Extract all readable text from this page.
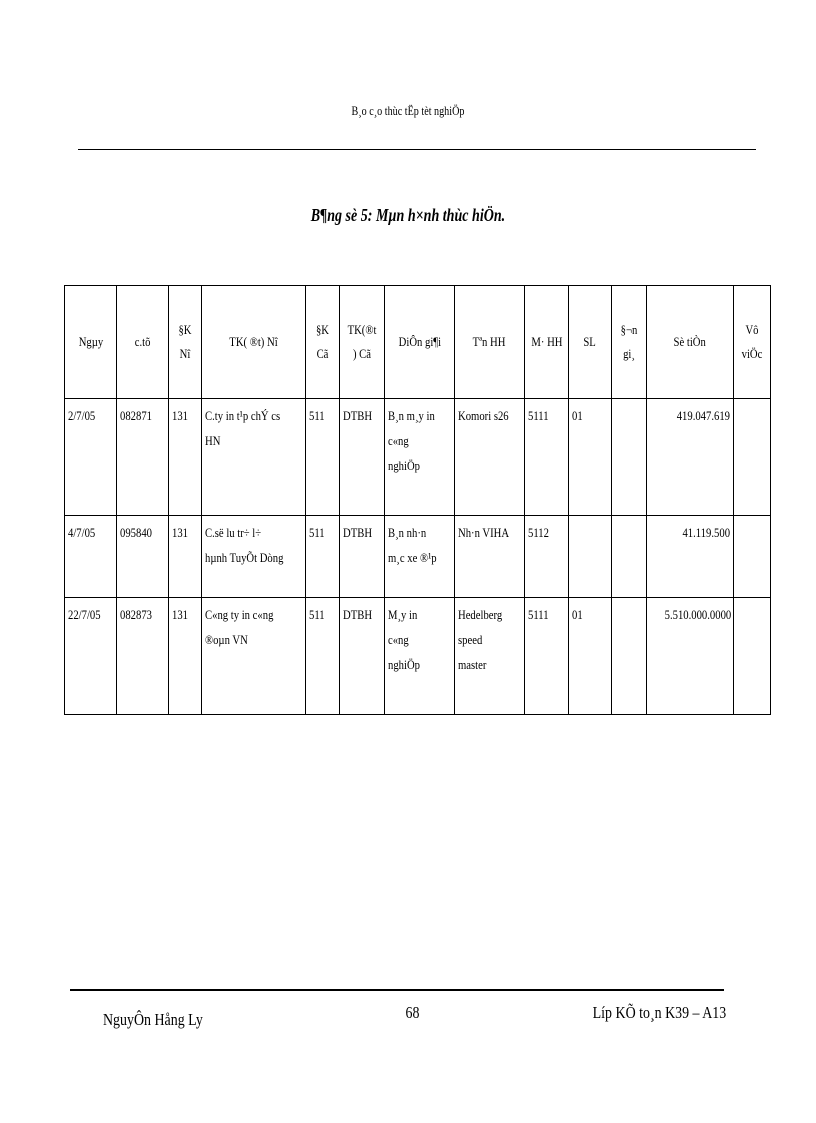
B¸o c¸o thùc tËp tèt nghiÖp
B¶ng sè 5: Mµn h×nh thùc hiÖn.
Ngµy	c.tõ	§K Nî	TK( ®t) Nî	§K Cã	TK(®t ) Cã	DiÔn gi¶i	Tªn HH	M· HH	SL	§¬n gi¸	Sè tiÒn	Vô viÖc
2/7/05	082871	131	C.ty in t¹p chÝ cs HN	511	DTBH	B¸n m¸y in c«ng nghiÖp	Komori s26	5111	01		419.047.619	
4/7/05	095840	131	C.së lu tr÷ l÷ hµnh TuyÕt Dòng	511	DTBH	B¸n nh·n m¸c xe ®¹p	Nh·n VIHA	5112			41.119.500	
22/7/05	082873	131	C«ng ty in c«ng ®oµn VN	511	DTBH	M¸y in c«ng nghiÖp	Hedelberg speed master	5111	01		5.510.000.0000	
NguyÔn Hång Ly	68	Líp KÕ to¸n K39 – A13
